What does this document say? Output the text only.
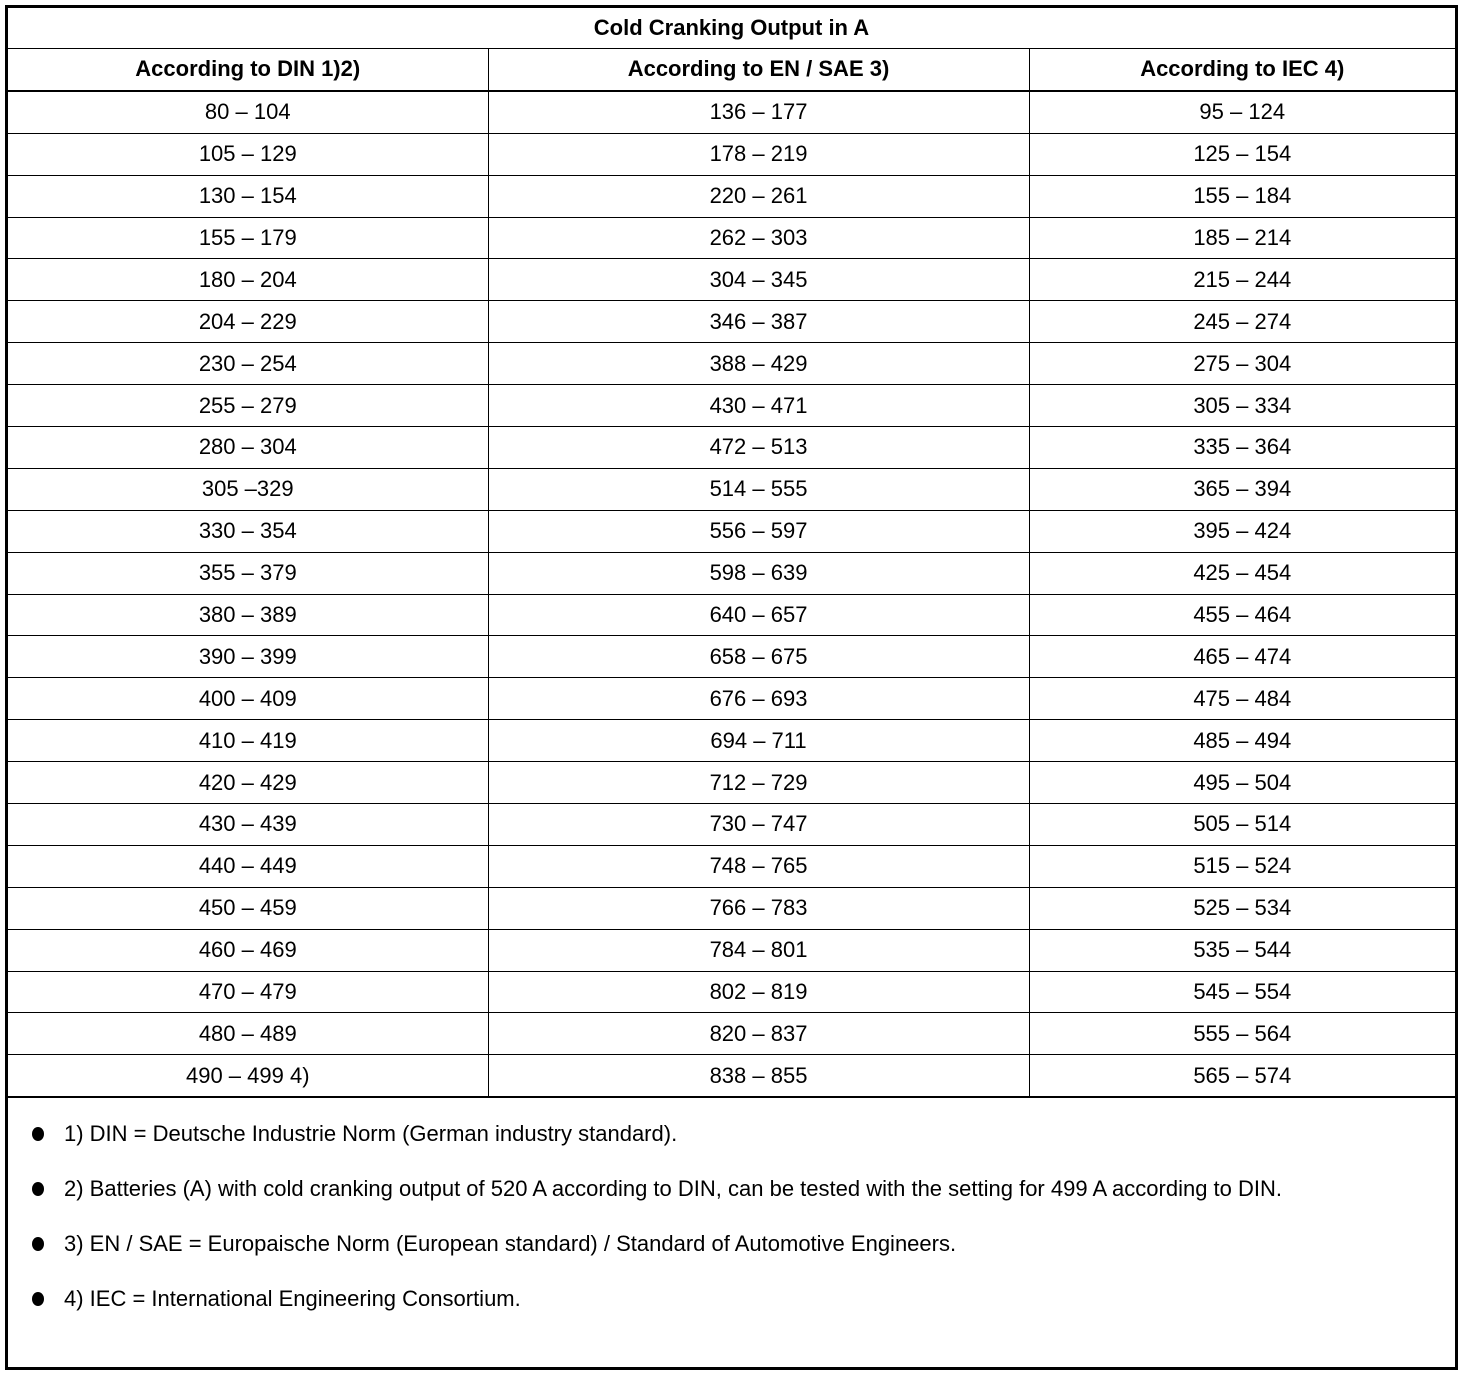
Cold Cranking Output in A		
According to DIN 1)2)	According to EN / SAE 3)	According to IEC 4)
80 – 104	136 – 177	95 – 124
105 – 129	178 – 219	125 – 154
130 – 154	220 – 261	155 – 184
155 – 179	262 – 303	185 – 214
180 – 204	304 – 345	215 – 244
204 – 229	346 – 387	245 – 274
230 – 254	388 – 429	275 – 304
255 – 279	430 – 471	305 – 334
280 – 304	472 – 513	335 – 364
305 –329	514 – 555	365 – 394
330 – 354	556 – 597	395 – 424
355 – 379	598 – 639	425 – 454
380 – 389	640 – 657	455 – 464
390 – 399	658 – 675	465 – 474
400 – 409	676 – 693	475 – 484
410 – 419	694 – 711	485 – 494
420 – 429	712 – 729	495 – 504
430 – 439	730 – 747	505 – 514
440 – 449	748 – 765	515 – 524
450 – 459	766 – 783	525 – 534
460 – 469	784 – 801	535 – 544
470 – 479	802 – 819	545 – 554
480 – 489	820 – 837	555 – 564
490 – 499 4)	838 – 855	565 – 574
1) DIN = Deutsche Industrie Norm (German industry standard).
2) Batteries (A) with cold cranking output of 520 A according to DIN, can be tested with the setting for 499 A according to DIN.
3) EN / SAE = Europaische Norm (European standard) / Standard of Automotive Engineers.
4) IEC = International Engineering Consortium.
